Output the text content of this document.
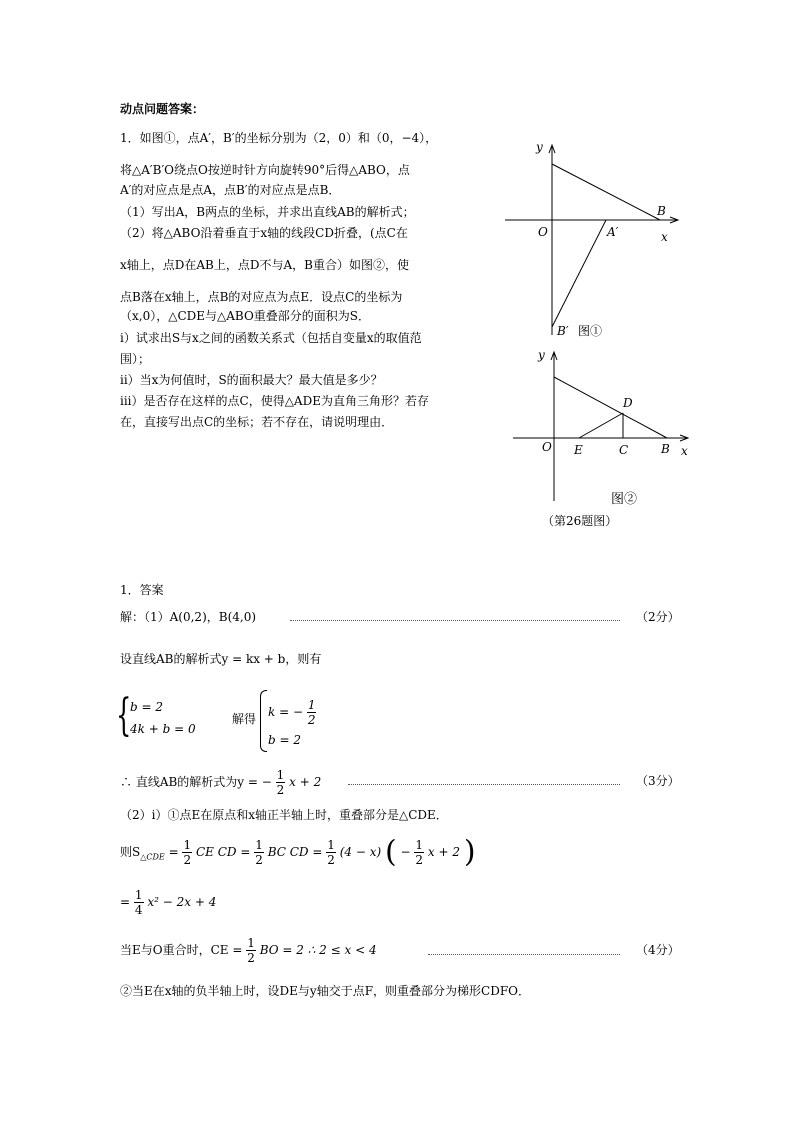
动点问题答案：
1．如图①，点A′，B′的坐标分别为（2，0）和（0，−4），
将△A′B′O绕点O按逆时针方向旋转90°后得△ABO，点
A′的对应点是点A，点B′的对应点是点B．
（1）写出A，B两点的坐标，并求出直线AB的解析式；
（2）将△ABO沿着垂直于x轴的线段CD折叠，(点C在
x轴上，点D在AB上，点D不与A，B重合）如图②，使
点B落在x轴上，点B的对应点为点E．设点C的坐标为
（x,0），△CDE与△ABO重叠部分的面积为S．
i）试求出S与x之间的函数关系式（包括自变量x的取值范
围）；
ii）当x为何值时，S的面积最大？最大值是多少？
iii）是否存在这样的点C，使得△ADE为直角三角形？若存
在，直接写出点C的坐标；若不存在，请说明理由．
y
x
O
B
A′
B′ 图①
y
x
O E	C	B
D
图②
（第26题图）
1．答案
解：（1）A(0,2)，B(4,0)	（2分）
设直线AB的解析式y = kx + b，则有
{
b = 2
4k + b = 0
解得 k = − $\frac{1}{2}$
b = 2
∴ 直线AB的解析式为y = − $\frac{1}{2}$ x + 2	（3分）
（2）i）①点E在原点和x轴正半轴上时，重叠部分是△CDE．
则$S_{\triangle CDE} = \frac{1}{2}$ CE CD = $\frac{1}{2}$ BC CD = $\frac{1}{2} (4 - x)$ ( − $\frac{1}{2}$ x + 2 )
= $\frac{1}{4} x^2 - 2x + 4$
当E与O重合时，CE = $\frac{1}{2}$ BO = 2 ∴ 2 ≤ x < 4	（4分）
②当E在x轴的负半轴上时，设DE与y轴交于点F，则重叠部分为梯形CDFO．
